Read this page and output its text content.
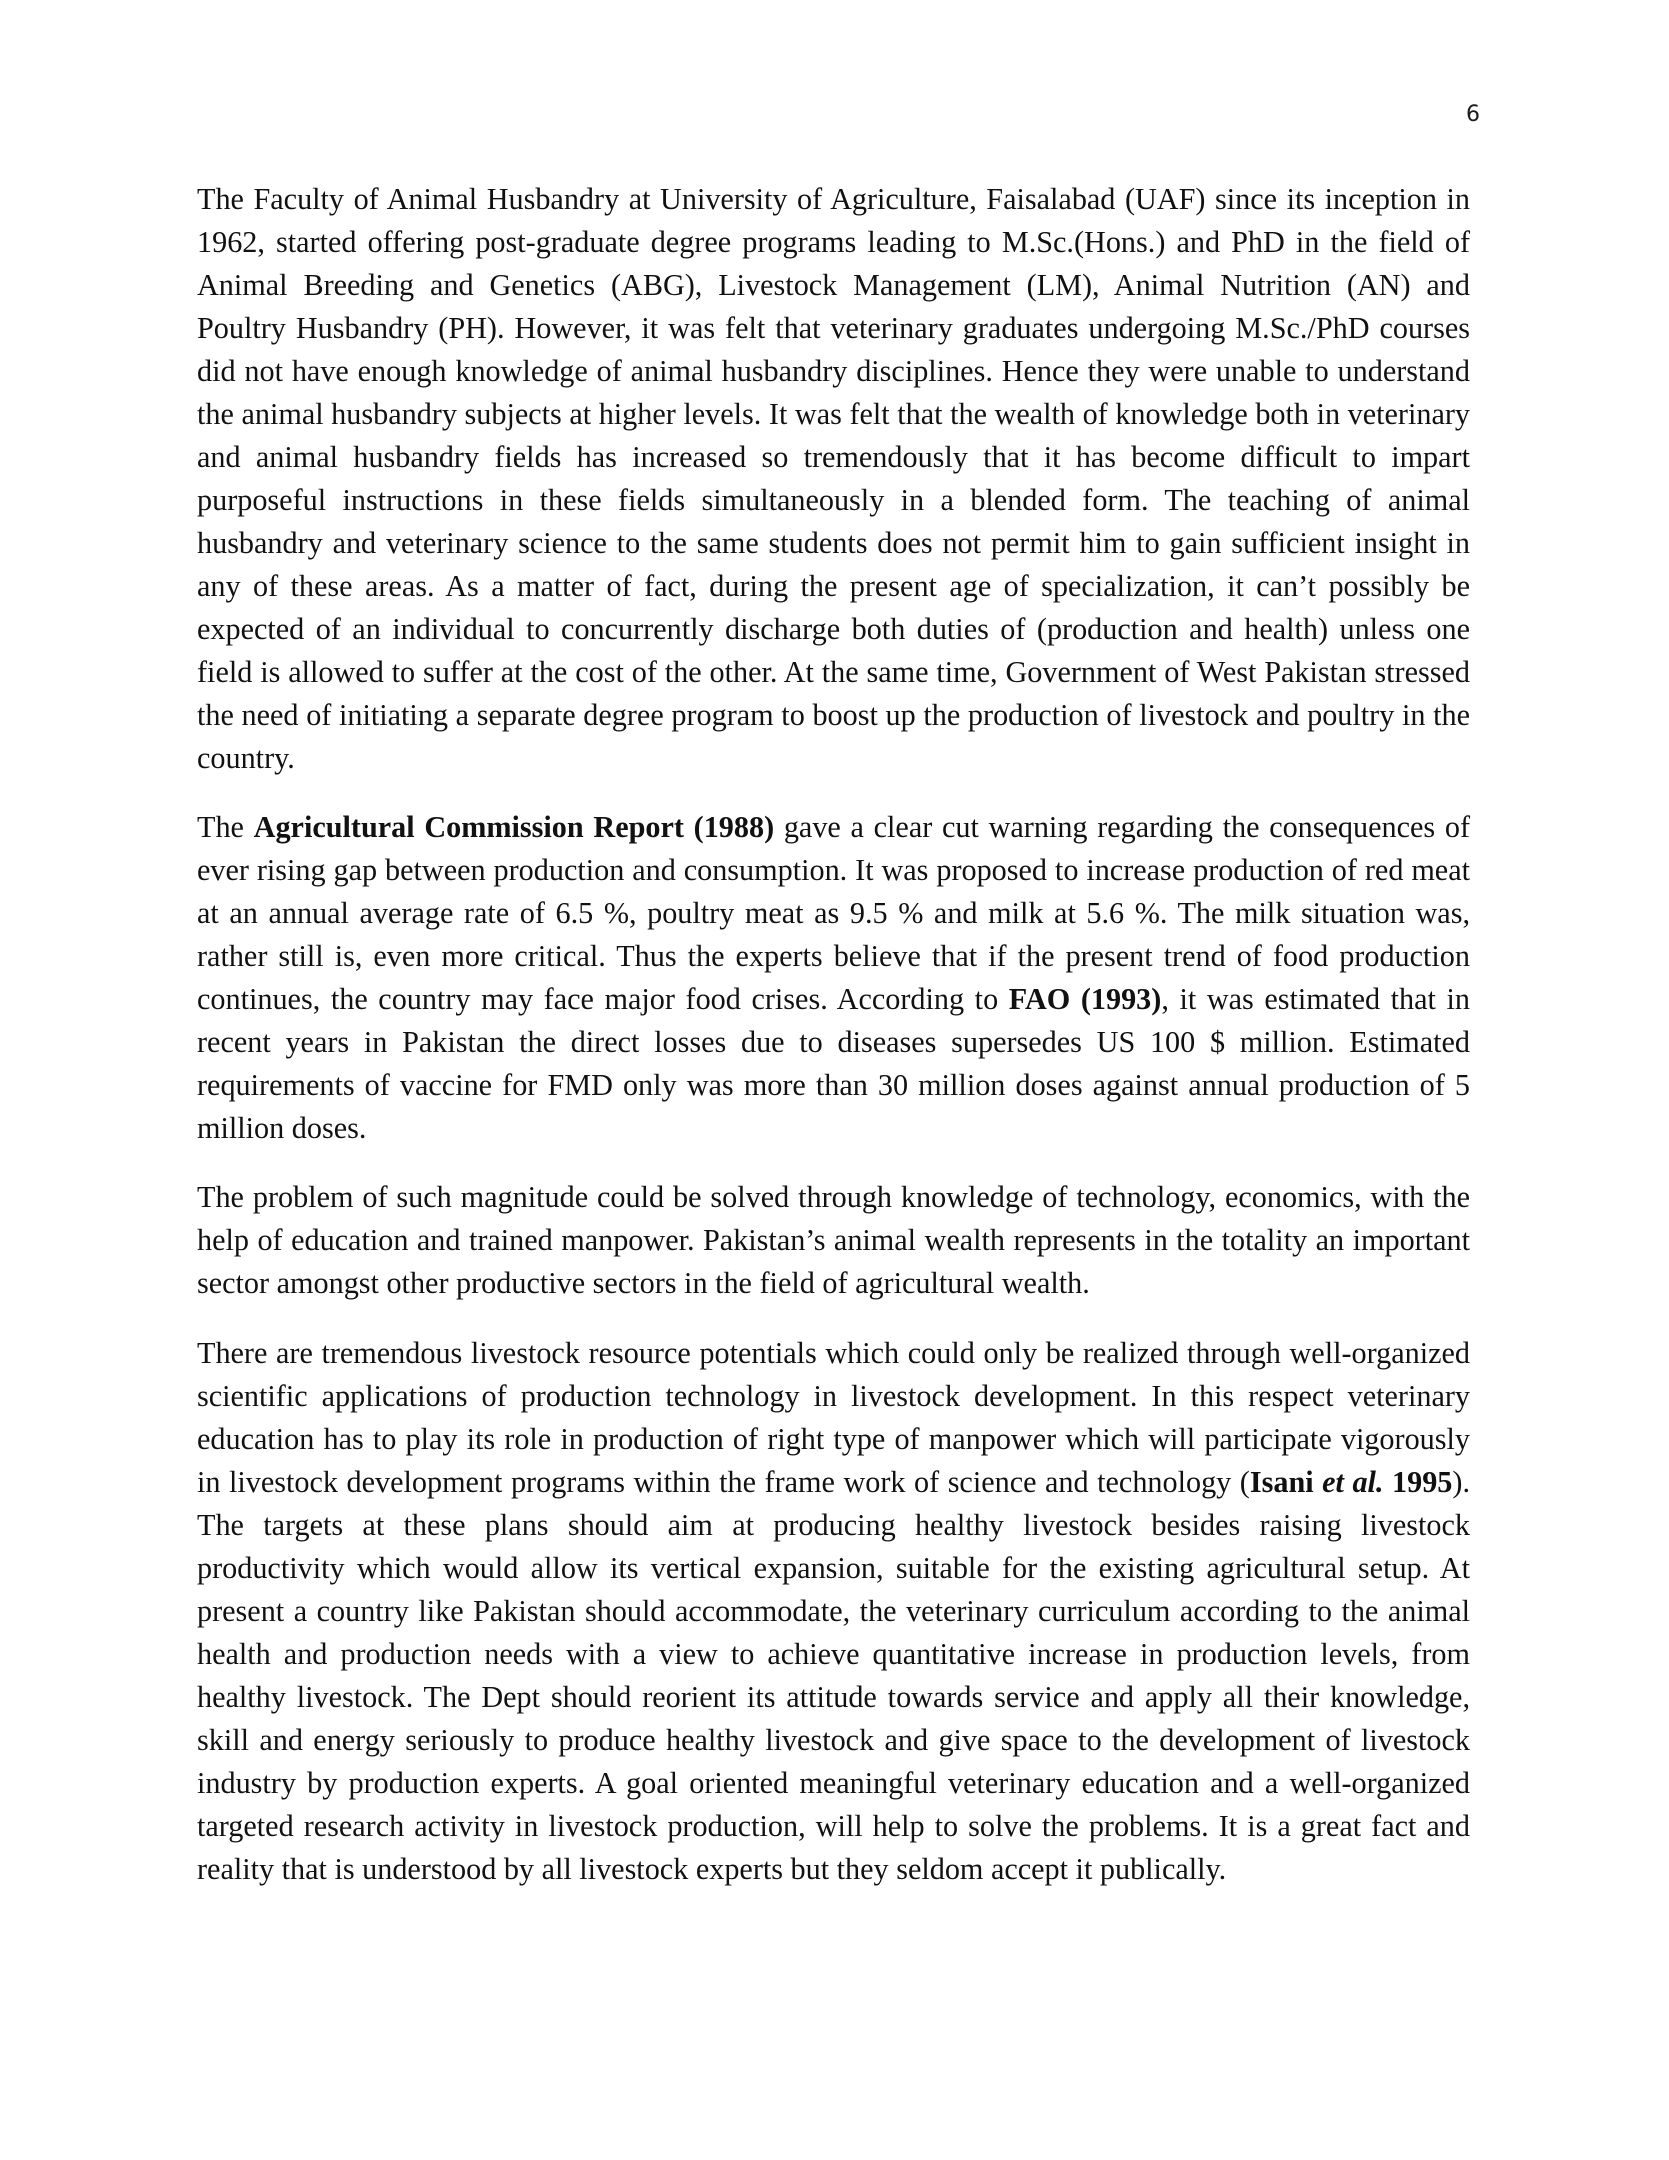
6

The Faculty of Animal Husbandry at University of Agriculture, Faisalabad (UAF) since its inception in 1962, started offering post-graduate degree programs leading to M.Sc.(Hons.) and PhD in the field of Animal Breeding and Genetics (ABG), Livestock Management (LM), Animal Nutrition (AN) and Poultry Husbandry (PH). However, it was felt that veterinary graduates undergoing M.Sc./PhD courses did not have enough knowledge of animal husbandry disciplines. Hence they were unable to understand the animal husbandry subjects at higher levels. It was felt that the wealth of knowledge both in veterinary and animal husbandry fields has increased so tremendously that it has become difficult to impart purposeful instructions in these fields simultaneously in a blended form. The teaching of animal husbandry and veterinary science to the same students does not permit him to gain sufficient insight in any of these areas. As a matter of fact, during the present age of specialization, it can’t possibly be expected of an individual to concurrently discharge both duties of (production and health) unless one field is allowed to suffer at the cost of the other. At the same time, Government of West Pakistan stressed the need of initiating a separate degree program to boost up the production of livestock and poultry in the country.

The Agricultural Commission Report (1988) gave a clear cut warning regarding the consequences of ever rising gap between production and consumption. It was proposed to increase production of red meat at an annual average rate of 6.5 %, poultry meat as 9.5 % and milk at 5.6 %. The milk situation was, rather still is, even more critical. Thus the experts believe that if the present trend of food production continues, the country may face major food crises. According to FAO (1993), it was estimated that in recent years in Pakistan the direct losses due to diseases supersedes US 100 $ million. Estimated requirements of vaccine for FMD only was more than 30 million doses against annual production of 5 million doses.

The problem of such magnitude could be solved through knowledge of technology, economics, with the help of education and trained manpower. Pakistan’s animal wealth represents in the totality an important sector amongst other productive sectors in the field of agricultural wealth.

There are tremendous livestock resource potentials which could only be realized through well-organized scientific applications of production technology in livestock development. In this respect veterinary education has to play its role in production of right type of manpower which will participate vigorously in livestock development programs within the frame work of science and technology (Isani et al. 1995). The targets at these plans should aim at producing healthy livestock besides raising livestock productivity which would allow its vertical expansion, suitable for the existing agricultural setup. At present a country like Pakistan should accommodate, the veterinary curriculum according to the animal health and production needs with a view to achieve quantitative increase in production levels, from healthy livestock. The Dept should reorient its attitude towards service and apply all their knowledge, skill and energy seriously to produce healthy livestock and give space to the development of livestock industry by production experts. A goal oriented meaningful veterinary education and a well-organized targeted research activity in livestock production, will help to solve the problems. It is a great fact and reality that is understood by all livestock experts but they seldom accept it publically.
